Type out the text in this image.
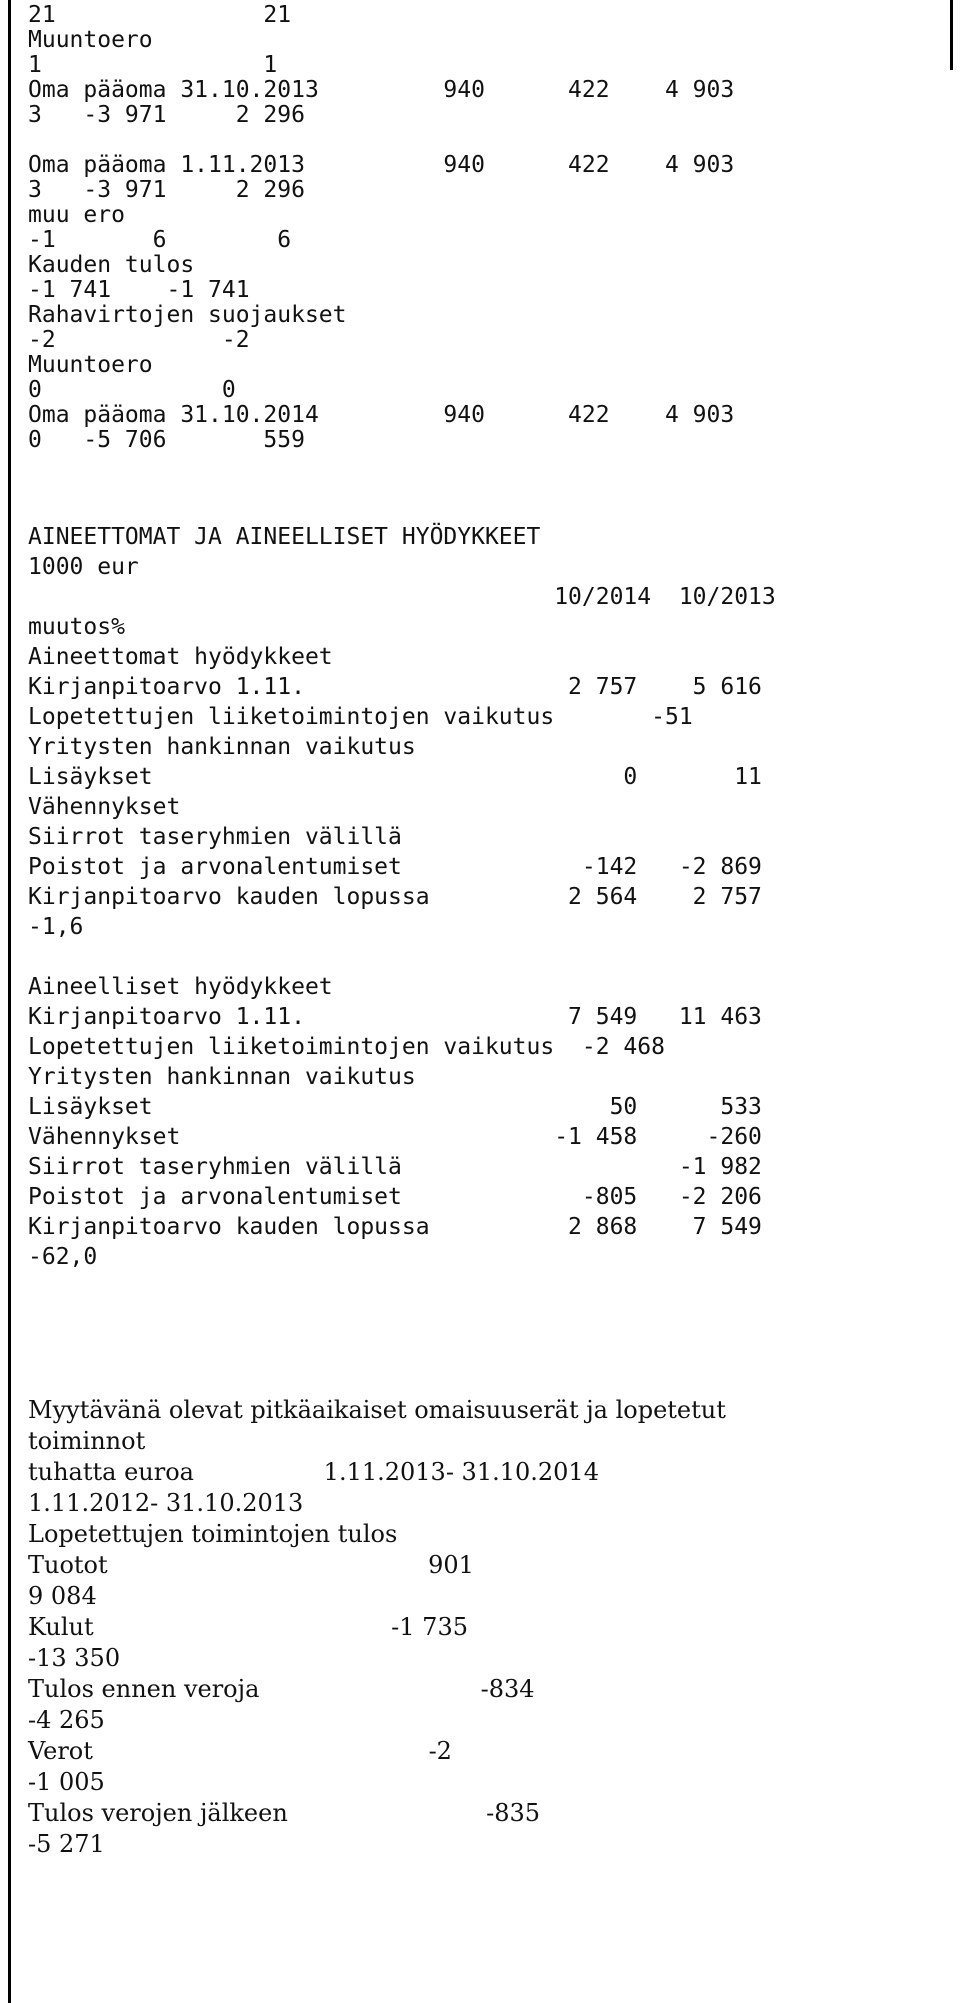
21               21

Muuntoero

1                1

Oma pääoma 31.10.2013         940      422    4 903

3   -3 971     2 296

Oma pääoma 1.11.2013          940      422    4 903

3   -3 971     2 296

muu ero

-1       6        6

Kauden tulos

-1 741    -1 741

Rahavirtojen suojaukset

-2            -2

Muuntoero

0             0

Oma pääoma 31.10.2014         940      422    4 903

0   -5 706       559

AINEETTOMAT JA AINEELLISET HYÖDYKKEET

1000 eur

10/2014  10/2013

muutos%

Aineettomat hyödykkeet

Kirjanpitoarvo 1.11.                   2 757    5 616

Lopetettujen liiketoimintojen vaikutus       -51

Yritysten hankinnan vaikutus

Lisäykset                                  0       11

Vähennykset

Siirrot taseryhmien välillä

Poistot ja arvonalentumiset             -142   -2 869

Kirjanpitoarvo kauden lopussa          2 564    2 757

-1,6

Aineelliset hyödykkeet

Kirjanpitoarvo 1.11.                   7 549   11 463

Lopetettujen liiketoimintojen vaikutus  -2 468

Yritysten hankinnan vaikutus

Lisäykset                                 50      533

Vähennykset                           -1 458     -260

Siirrot taseryhmien välillä                    -1 982

Poistot ja arvonalentumiset             -805   -2 206

Kirjanpitoarvo kauden lopussa          2 868    7 549

-62,0

Myytävänä olevat pitkäaikaiset omaisuuserät ja lopetetut

toiminnot

tuhatta euroa                 1.11.2013- 31.10.2014

1.11.2012- 31.10.2013

Lopetettujen toimintojen tulos

Tuotot                                          901

9 084

Kulut                                       -1 735

-13 350

Tulos ennen veroja                             -834

-4 265

Verot                                            -2

-1 005

Tulos verojen jälkeen                          -835

-5 271
